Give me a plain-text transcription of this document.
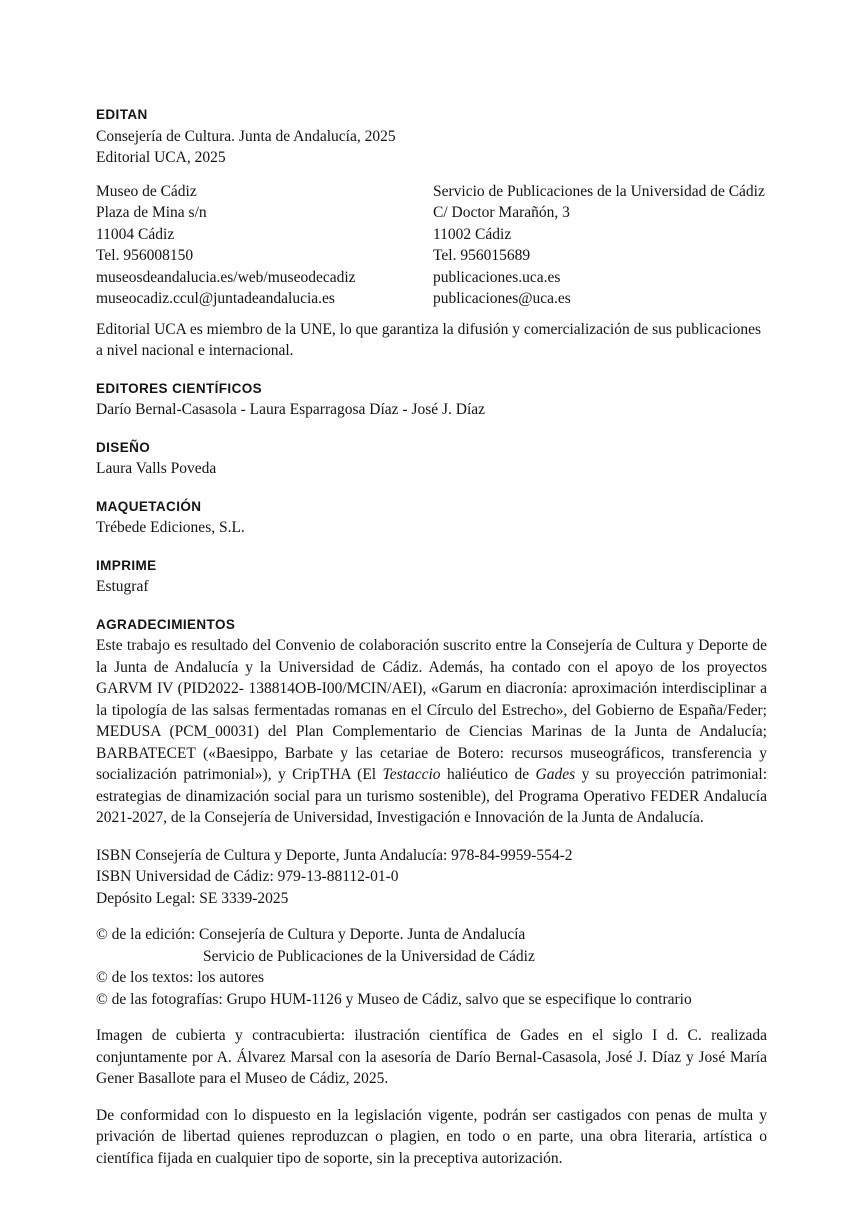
EDITAN

Consejería de Cultura. Junta de Andalucía, 2025

Editorial UCA, 2025

Museo de Cádiz
Plaza de Mina s/n
11004 Cádiz
Tel. 956008150
museosdeandalucia.es/web/museodecadiz
museocadiz.ccul@juntadeandalucia.es
Servicio de Publicaciones de la Universidad de Cádiz
C/ Doctor Marañón, 3
11002 Cádiz
Tel. 956015689
publicaciones.uca.es
publicaciones@uca.es

Editorial UCA es miembro de la UNE, lo que garantiza la difusión y comercialización de sus publicaciones a nivel nacional e internacional.

EDITORES CIENTÍFICOS

Darío Bernal-Casasola - Laura Esparragosa Díaz - José J. Díaz

DISEÑO

Laura Valls Poveda

MAQUETACIÓN

Trébede Ediciones, S.L.

IMPRIME

Estugraf

AGRADECIMIENTOS

Este trabajo es resultado del Convenio de colaboración suscrito entre la Consejería de Cultura y Deporte de la Junta de Andalucía y la Universidad de Cádiz. Además, ha contado con el apoyo de los proyectos GARVM IV (PID2022- 138814OB-I00/MCIN/AEI), «Garum en diacronía: aproximación interdisciplinar a la tipología de las salsas fermentadas romanas en el Círculo del Estrecho», del Gobierno de España/Feder; MEDUSA (PCM_00031) del Plan Complementario de Ciencias Marinas de la Junta de Andalucía; BARBATECET («Baesippo, Barbate y las cetariae de Botero: recursos museográficos, transferencia y socialización patrimonial»), y CripTHA (El Testaccio haliéutico de Gades y su proyección patrimonial: estrategias de dinamización social para un turismo sostenible), del Programa Operativo FEDER Andalucía 2021-2027, de la Consejería de Universidad, Investigación e Innovación de la Junta de Andalucía.

ISBN Consejería de Cultura y Deporte, Junta Andalucía: 978-84-9959-554-2

ISBN Universidad de Cádiz: 979-13-88112-01-0

Depósito Legal: SE 3339-2025

© de la edición: Consejería de Cultura y Deporte. Junta de Andalucía

Servicio de Publicaciones de la Universidad de Cádiz

© de los textos: los autores

© de las fotografías: Grupo HUM-1126 y Museo de Cádiz, salvo que se especifique lo contrario

Imagen de cubierta y contracubierta: ilustración científica de Gades en el siglo I d. C. realizada conjuntamente por A. Álvarez Marsal con la asesoría de Darío Bernal-Casasola, José J. Díaz y José María Gener Basallote para el Museo de Cádiz, 2025.

De conformidad con lo dispuesto en la legislación vigente, podrán ser castigados con penas de multa y privación de libertad quienes reproduzcan o plagien, en todo o en parte, una obra literaria, artística o científica fijada en cualquier tipo de soporte, sin la preceptiva autorización.
